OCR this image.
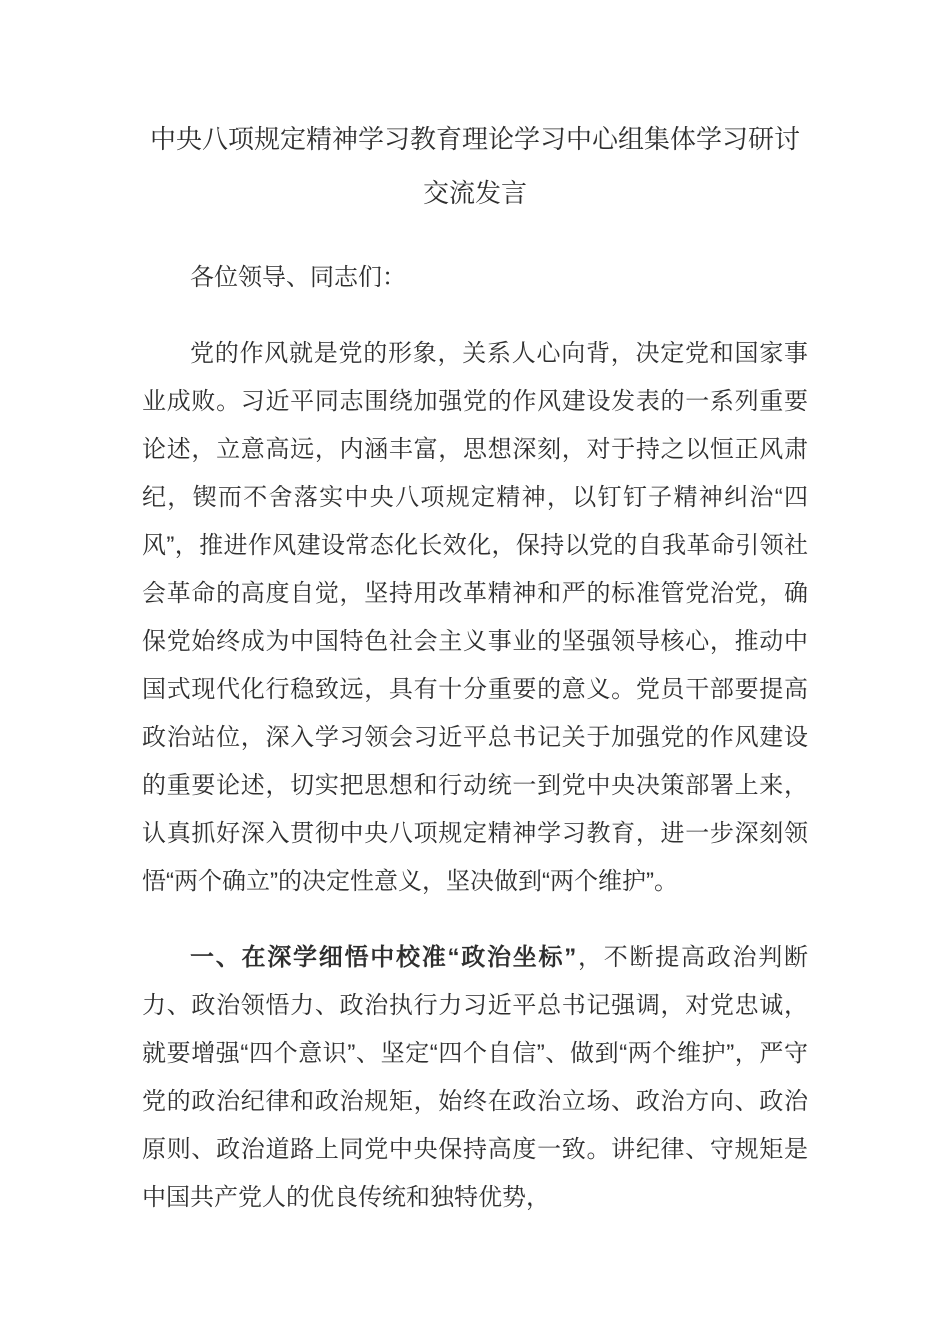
中央八项规定精神学习教育理论学习中心组集体学习研讨
交流发言

各位领导、同志们：

党的作风就是党的形象，关系人心向背，决定党和国家事业成败。习近平同志围绕加强党的作风建设发表的一系列重要论述，立意高远，内涵丰富，思想深刻，对于持之以恒正风肃纪，锲而不舍落实中央八项规定精神，以钉钉子精神纠治“四风”，推进作风建设常态化长效化，保持以党的自我革命引领社会革命的高度自觉，坚持用改革精神和严的标准管党治党，确保党始终成为中国特色社会主义事业的坚强领导核心，推动中国式现代化行稳致远，具有十分重要的意义。党员干部要提高政治站位，深入学习领会习近平总书记关于加强党的作风建设的重要论述，切实把思想和行动统一到党中央决策部署上来，认真抓好深入贯彻中央八项规定精神学习教育，进一步深刻领悟“两个确立”的决定性意义，坚决做到“两个维护”。

一、在深学细悟中校准“政治坐标”，不断提高政治判断力、政治领悟力、政治执行力习近平总书记强调，对党忠诚，就要增强“四个意识”、坚定“四个自信”、做到“两个维护”，严守党的政治纪律和政治规矩，始终在政治立场、政治方向、政治原则、政治道路上同党中央保持高度一致。讲纪律、守规矩是中国共产党人的优良传统和独特优势，
